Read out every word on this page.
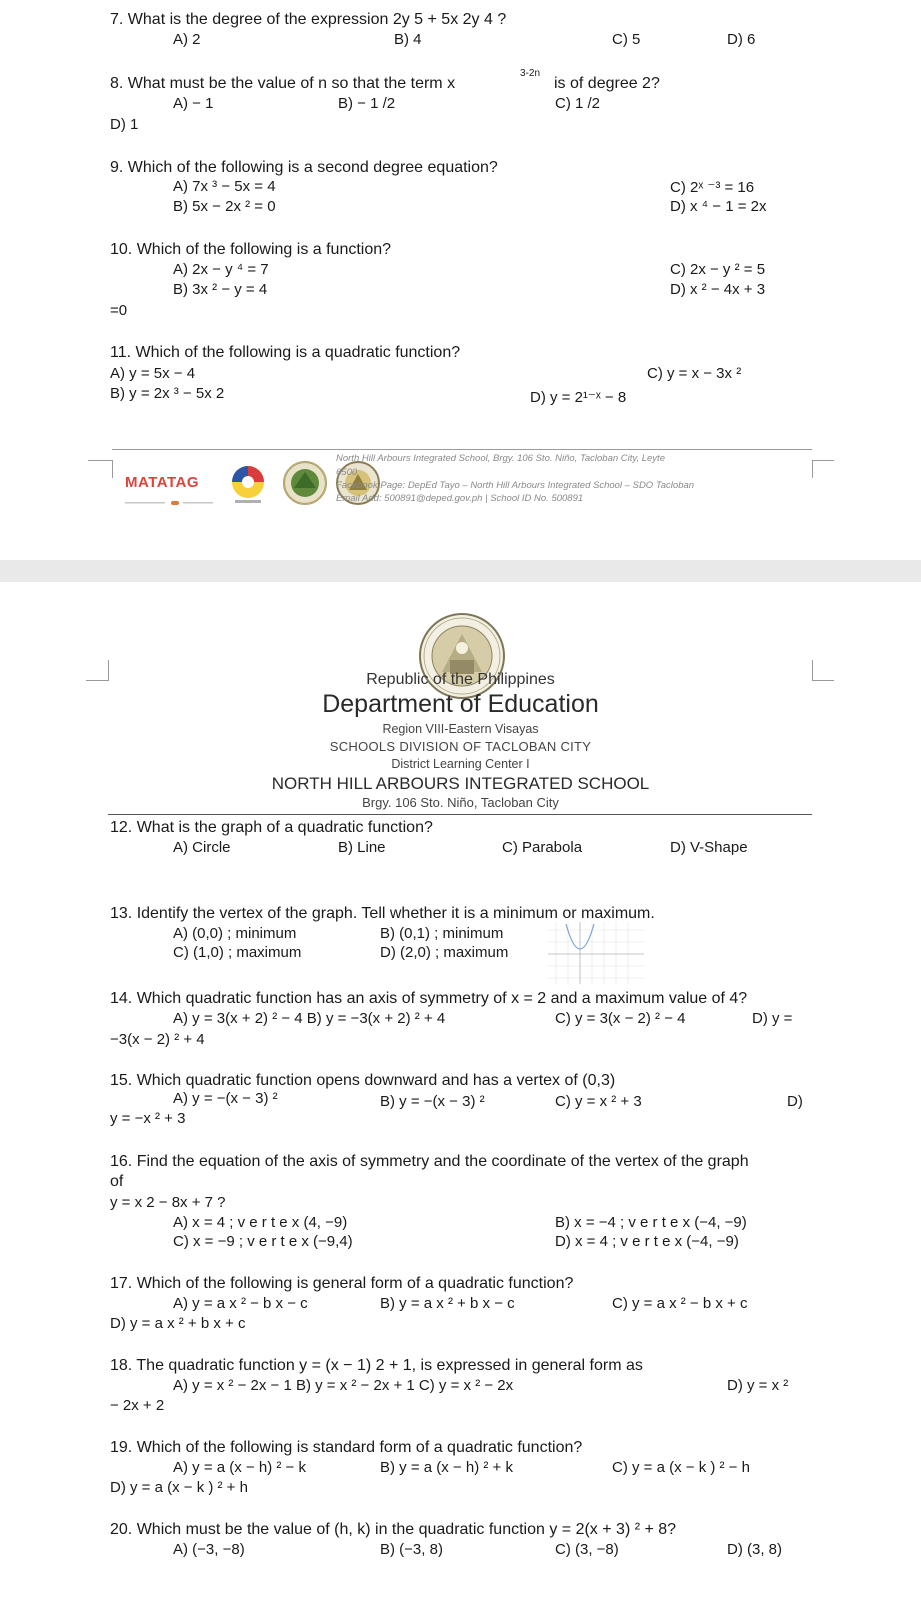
7. What is the degree of the expression 2y 5 + 5x 2y 4 ?
A) 2	B) 4	C) 5	D) 6
8. What must be the value of n so that the term x
3-2n
is of degree 2?
A) − 1	B) − 1 /2	C) 1 /2
D) 1
9. Which of the following is a second degree equation?
A) 7x ³ − 5x = 4
B) 5x − 2x ² = 0
C) 2ˣ ⁻³ = 16
D) x ⁴ − 1 = 2x
10. Which of the following is a function?
A) 2x − y ⁴ = 7
B) 3x ² − y = 4
C) 2x − y ² = 5
D) x ² − 4x + 3
=0
11. Which of the following is a quadratic function?
A) y = 5x − 4
B) y = 2x ³ − 5x 2
C) y = x − 3x ²
D) y = 2¹⁻ˣ − 8
MATATAG
North Hill Arbours Integrated School, Brgy. 106 Sto. Niño, Tacloban City, Leyte
6500
Facebook Page: DepEd Tayo – North Hill Arbours Integrated School – SDO Tacloban
Email Add: 500891@deped.gov.ph | School ID No. 500891
Republic of the Philippines
Department of Education
Region VIII-Eastern Visayas
SCHOOLS DIVISION OF TACLOBAN CITY
District Learning Center I
NORTH HILL ARBOURS INTEGRATED SCHOOL
Brgy. 106 Sto. Niño, Tacloban City
12. What is the graph of a quadratic function?
A) Circle	B) Line	C) Parabola	D) V-Shape
13. Identify the vertex of the graph. Tell whether it is a minimum or maximum.
A) (0,0) ; minimum	B) (0,1) ; minimum
C) (1,0) ; maximum	D) (2,0) ; maximum
14. Which quadratic function has an axis of symmetry of x = 2 and a maximum value of 4?
A) y = 3(x + 2) ² − 4 B) y = −3(x + 2) ² + 4	C) y = 3(x − 2) ² − 4	D) y =
−3(x − 2) ² + 4
15. Which quadratic function opens downward and has a vertex of (0,3)
A) y = −(x − 3) ²	B) y = −(x − 3) ²	C) y = x ² + 3	D)
y = −x ² + 3
16. Find the equation of the axis of symmetry and the coordinate of the vertex of the graph
of
y = x 2 − 8x + 7 ?
A) x = 4 ; v e r t e x (4, −9)	B) x = −4 ; v e r t e x (−4, −9)
C) x = −9 ; v e r t e x (−9,4)	D) x = 4 ; v e r t e x (−4, −9)
17. Which of the following is general form of a quadratic function?
A) y = a x ² − b x − c	B) y = a x ² + b x − c	C) y = a x ² − b x + c
D) y = a x ² + b x + c
18. The quadratic function y = (x − 1) 2 + 1, is expressed in general form as
A) y = x ² − 2x − 1 B) y = x ² − 2x + 1 C) y = x ² − 2x	D) y = x ²
− 2x + 2
19. Which of the following is standard form of a quadratic function?
A) y = a (x − h) ² − k	B) y = a (x − h) ² + k	C) y = a (x − k ) ² − h
D) y = a (x − k ) ² + h
20. Which must be the value of (h, k) in the quadratic function y = 2(x + 3) ² + 8?
A) (−3, −8)	B) (−3, 8)	C) (3, −8)	D) (3, 8)
